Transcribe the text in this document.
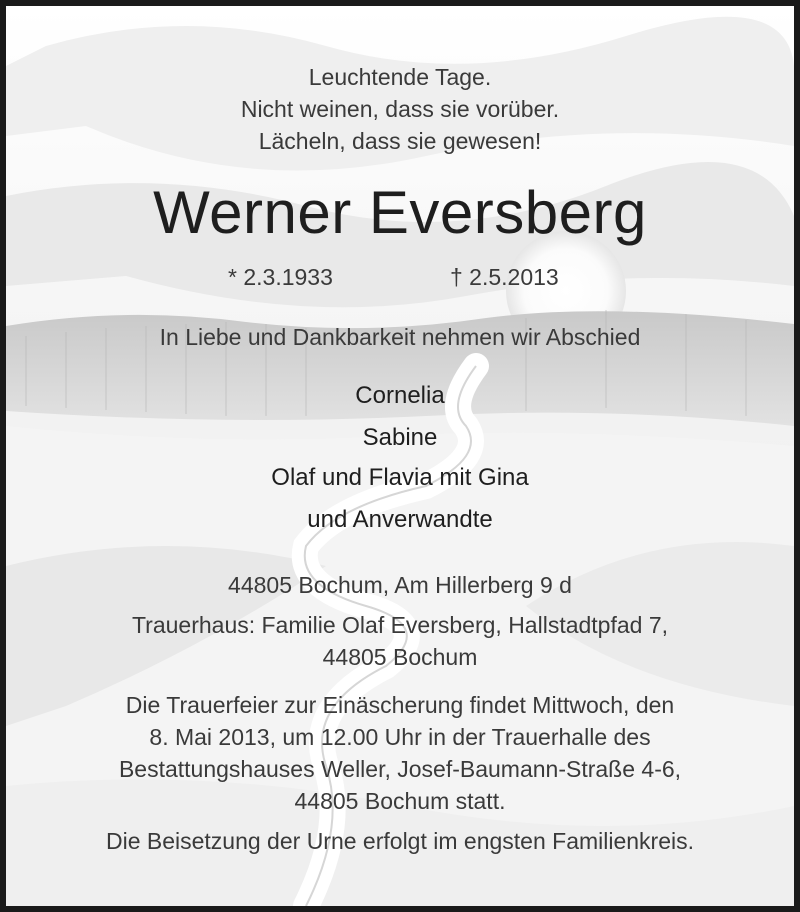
Leuchtende Tage.
Nicht weinen, dass sie vorüber.
Lächeln, dass sie gewesen!
Werner Eversberg
* 2.3.1933	† 2.5.2013
In Liebe und Dankbarkeit nehmen wir Abschied
Cornelia
Sabine
Olaf und Flavia mit Gina
und Anverwandte
44805 Bochum, Am Hillerberg 9 d
Trauerhaus: Familie Olaf Eversberg, Hallstadtpfad 7,
44805 Bochum
Die Trauerfeier zur Einäscherung findet Mittwoch, den
8. Mai 2013, um 12.00 Uhr in der Trauerhalle des
Bestattungshauses Weller, Josef-Baumann-Straße 4-6,
44805 Bochum statt.
Die Beisetzung der Urne erfolgt im engsten Familienkreis.
